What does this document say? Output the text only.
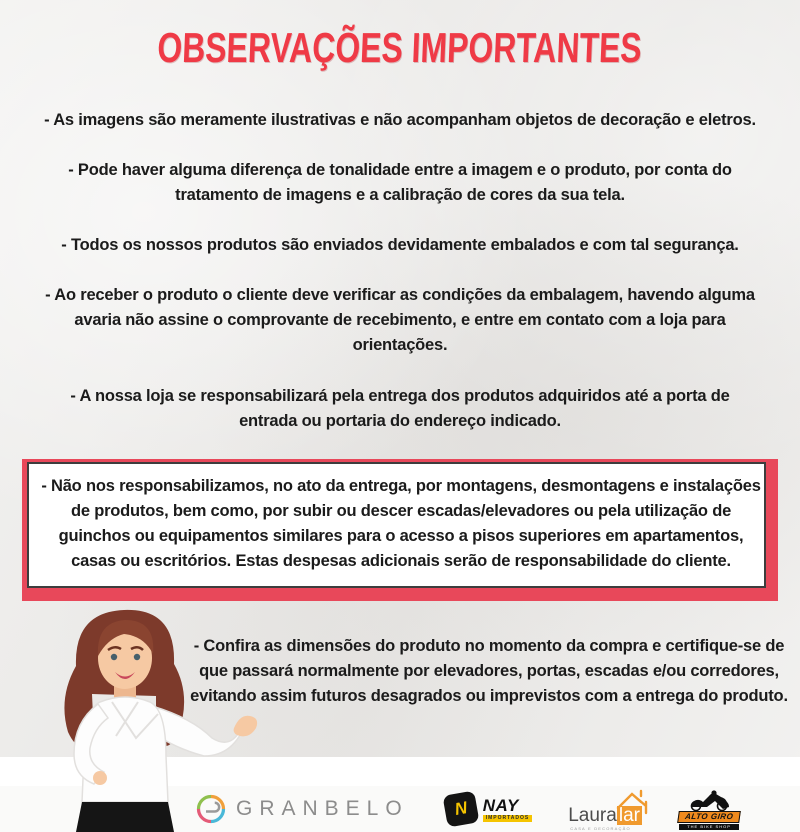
OBSERVAÇÕES IMPORTANTES

- As imagens são meramente ilustrativas e não acompanham objetos de decoração e eletros.

- Pode haver alguma diferença de tonalidade entre a imagem e o produto, por conta do tratamento de imagens e a calibração de cores da sua tela.

- Todos os nossos produtos são enviados devidamente embalados e com tal segurança.

- Ao receber o produto o cliente deve verificar as condições da embalagem, havendo alguma avaria não assine o comprovante de recebimento, e entre em contato com a loja para orientações.

- A nossa loja se responsabilizará pela entrega dos produtos adquiridos até a porta de entrada ou portaria do endereço indicado.

- Não nos responsabilizamos, no ato da entrega, por montagens, desmontagens e instalações de produtos, bem como, por subir ou descer escadas/elevadores ou pela utilização de guinchos ou equipamentos similares para o acesso a pisos superiores em apartamentos, casas ou escritórios. Estas despesas adicionais serão de responsabilidade do cliente.

- Confira as dimensões do produto no momento da compra e certifique-se de que passará normalmente por elevadores, portas, escadas e/ou corredores, evitando assim futuros desagrados ou imprevistos com a entrega do produto.

GRANBELO	N NAY
IMPORTADOS Laura lar
CASA E DECORAÇÃO
ALTO GIRO
THE BIKE SHOP
